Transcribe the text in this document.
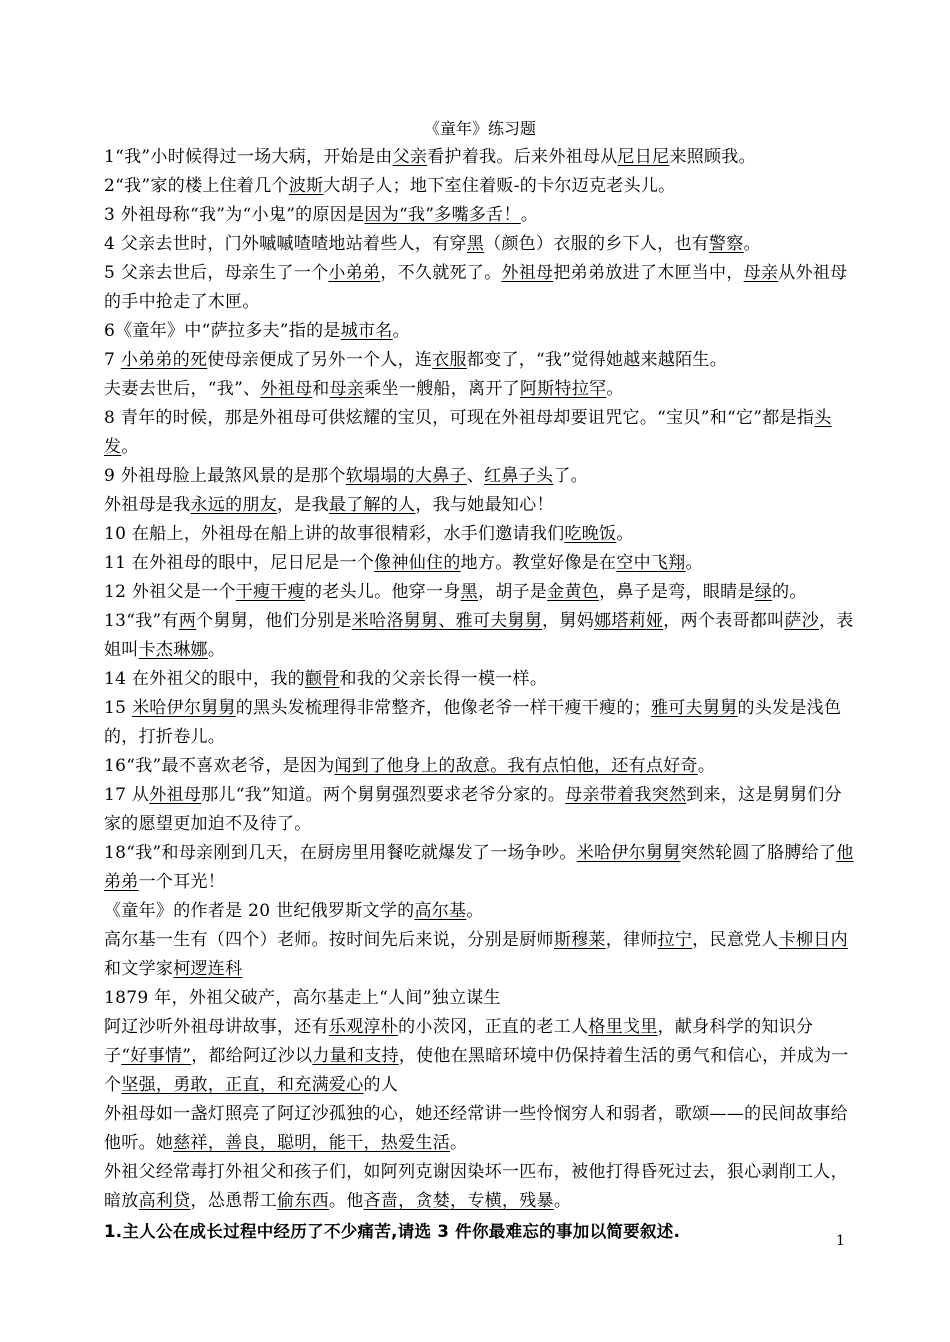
《童年》练习题
1“我”小时候得过一场大病，开始是由父亲看护着我。后来外祖母从尼日尼来照顾我。
2“我”家的楼上住着几个波斯大胡子人；地下室住着贩-的卡尔迈克老头儿。
3 外祖母称“我”为“小鬼”的原因是因为“我”多嘴多舌！。
4 父亲去世时，门外嘁嘁喳喳地站着些人，有穿黑（颜色）衣服的乡下人，也有警察。
5 父亲去世后，母亲生了一个小弟弟，不久就死了。外祖母把弟弟放进了木匣当中，母亲从外祖母的手中抢走了木匣。
6《童年》中“萨拉多夫”指的是城市名。
7 小弟弟的死使母亲便成了另外一个人，连衣服都变了，“我”觉得她越来越陌生。
夫妻去世后，“我”、外祖母和母亲乘坐一艘船，离开了阿斯特拉罕。
8 青年的时候，那是外祖母可供炫耀的宝贝，可现在外祖母却要诅咒它。“宝贝”和“它”都是指头发。
9 外祖母脸上最煞风景的是那个软塌塌的大鼻子、红鼻子头了。
外祖母是我永远的朋友，是我最了解的人，我与她最知心！
10 在船上，外祖母在船上讲的故事很精彩，水手们邀请我们吃晚饭。
11 在外祖母的眼中，尼日尼是一个像神仙住的地方。教堂好像是在空中飞翔。
12 外祖父是一个干瘦干瘦的老头儿。他穿一身黑，胡子是金黄色，鼻子是弯，眼睛是绿的。
13“我”有两个舅舅，他们分别是米哈洛舅舅、雅可夫舅舅，舅妈娜塔莉娅，两个表哥都叫萨沙，表姐叫卡杰琳娜。
14 在外祖父的眼中，我的颧骨和我的父亲长得一模一样。
15 米哈伊尔舅舅的黑头发梳理得非常整齐，他像老爷一样干瘦干瘦的；雅可夫舅舅的头发是浅色的，打折卷儿。
16“我”最不喜欢老爷，是因为闻到了他身上的敌意。我有点怕他，还有点好奇。
17 从外祖母那儿“我”知道。两个舅舅强烈要求老爷分家的。母亲带着我突然到来，这是舅舅们分家的愿望更加迫不及待了。
18“我”和母亲刚到几天，在厨房里用餐吃就爆发了一场争吵。米哈伊尔舅舅突然轮圆了胳膊给了他弟弟一个耳光！
《童年》的作者是 20 世纪俄罗斯文学的高尔基。
高尔基一生有（四个）老师。按时间先后来说，分别是厨师斯穆莱，律师拉宁，民意党人卡柳日内和文学家柯逻连科
1879 年，外祖父破产，高尔基走上“人间”独立谋生
阿辽沙听外祖母讲故事，还有乐观淳朴的小茨冈，正直的老工人格里戈里，献身科学的知识分子“好事情”，都给阿辽沙以力量和支持，使他在黑暗环境中仍保持着生活的勇气和信心，并成为一个坚强，勇敢，正直，和充满爱心的人
外祖母如一盏灯照亮了阿辽沙孤独的心，她还经常讲一些怜悯穷人和弱者，歌颂——的民间故事给他听。她慈祥，善良，聪明，能干，热爱生活。
外祖父经常毒打外祖父和孩子们，如阿列克谢因染坏一匹布，被他打得昏死过去，狠心剥削工人，暗放高利贷，怂恿帮工偷东西。他吝啬，贪婪，专横，残暴。
1.主人公在成长过程中经历了不少痛苦,请选 3 件你最难忘的事加以简要叙述.	1
